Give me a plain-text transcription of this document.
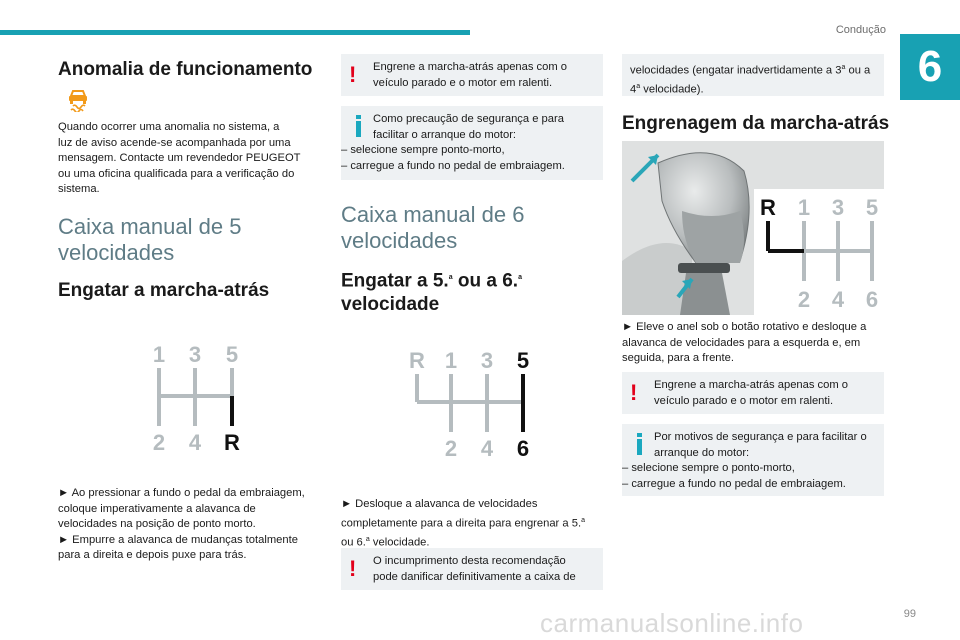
Condução
6
Anomalia de funcionamento
Quando ocorrer uma anomalia no sistema, a
luz de aviso acende-se acompanhada por uma
mensagem. Contacte um revendedor PEUGEOT
ou uma oficina qualificada para a verificação do
sistema.
Caixa manual de 5
velocidades
Engatar a marcha-atrás
1 3 5
2 4 R
► Ao pressionar a fundo o pedal da embraiagem,
coloque imperativamente a alavanca de
velocidades na posição de ponto morto.
► Empurre a alavanca de mudanças totalmente
para a direita e depois puxe para trás.
! Engrene a marcha-atrás apenas com o
veículo parado e o motor em ralenti.
Como precaução de segurança e para
facilitar o arranque do motor:
– selecione sempre ponto-morto,
– carregue a fundo no pedal de embraiagem.
Caixa manual de 6
velocidades
Engatar a 5.$^a$ ou a 6.$^a$
velocidade
R 1 3 5
2 4 6
► Desloque a alavanca de velocidades
completamente para a direita para engrenar a 5.$^a$
ou 6.$^a$ velocidade.
! O incumprimento desta recomendação
pode danificar definitivamente a caixa de
velocidades (engatar inadvertidamente a 3$^a$ ou a
4$^a$ velocidade).
Engrenagem da marcha-atrás
R 1 3 5
2 4 6
► Eleve o anel sob o botão rotativo e desloque a
alavanca de velocidades para a esquerda e, em
seguida, para a frente.
! Engrene a marcha-atrás apenas com o
veículo parado e o motor em ralenti.
Por motivos de segurança e para facilitar o
arranque do motor:
– selecione sempre o ponto-morto,
– carregue a fundo no pedal de embraiagem.
carmanualsonline.info	99
